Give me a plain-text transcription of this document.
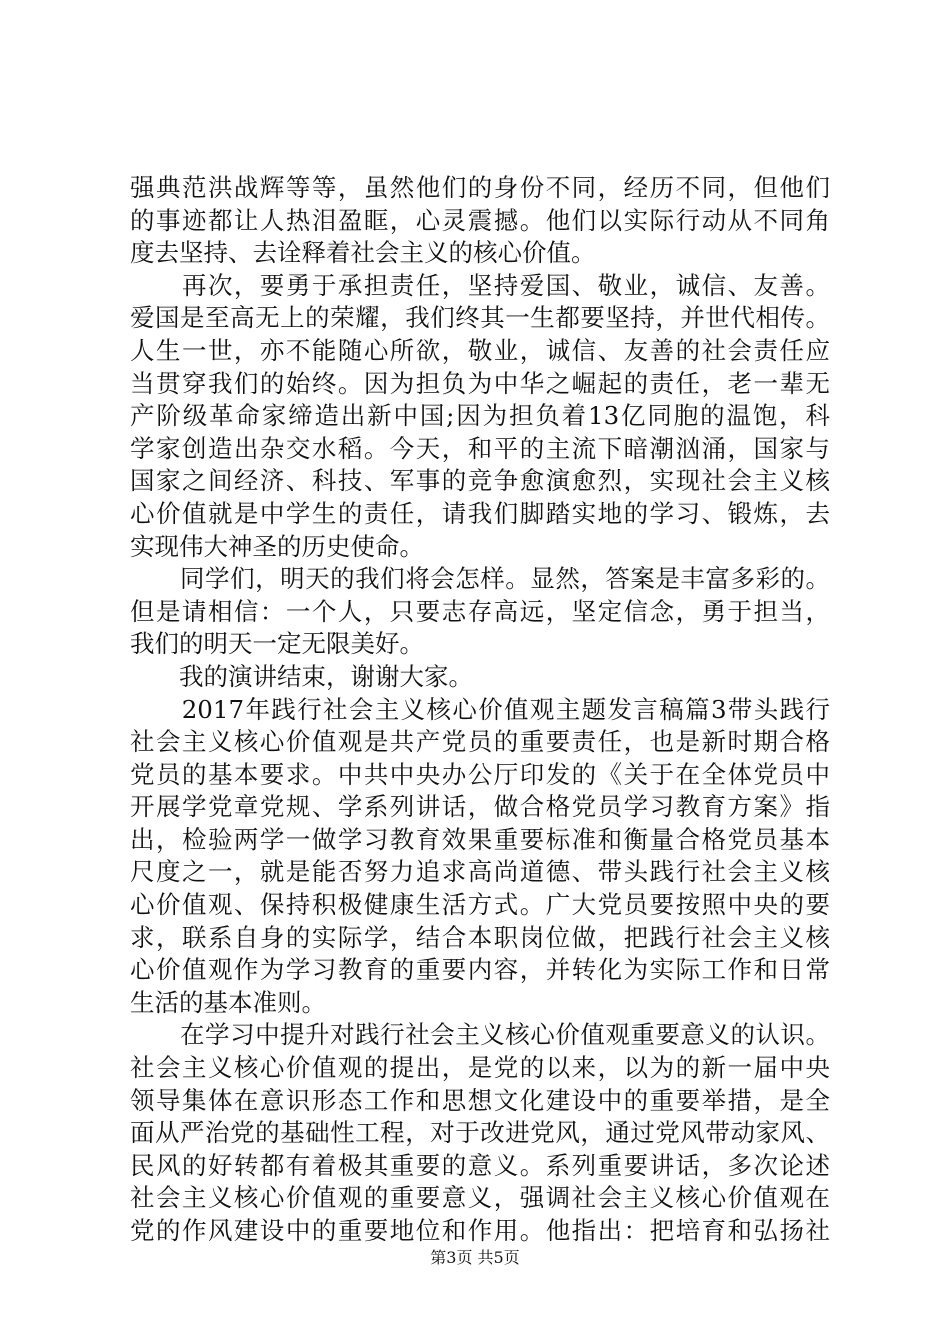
强典范洪战辉等等，虽然他们的身份不同，经历不同，但他们
的事迹都让人热泪盈眶，心灵震撼。他们以实际行动从不同角
度去坚持、去诠释着社会主义的核心价值。
　　再次，要勇于承担责任，坚持爱国、敬业，诚信、友善。
爱国是至高无上的荣耀，我们终其一生都要坚持，并世代相传。
人生一世，亦不能随心所欲，敬业，诚信、友善的社会责任应
当贯穿我们的始终。因为担负为中华之崛起的责任，老一辈无
产阶级革命家缔造出新中国;因为担负着13亿同胞的温饱，科
学家创造出杂交水稻。今天，和平的主流下暗潮汹涌，国家与
国家之间经济、科技、军事的竞争愈演愈烈，实现社会主义核
心价值就是中学生的责任，请我们脚踏实地的学习、锻炼，去
实现伟大神圣的历史使命。
　　同学们，明天的我们将会怎样。显然，答案是丰富多彩的。
但是请相信：一个人，只要志存高远，坚定信念，勇于担当，
我们的明天一定无限美好。
　　我的演讲结束，谢谢大家。
　　2017年践行社会主义核心价值观主题发言稿篇3带头践行
社会主义核心价值观是共产党员的重要责任，也是新时期合格
党员的基本要求。中共中央办公厅印发的《关于在全体党员中
开展学党章党规、学系列讲话，做合格党员学习教育方案》指
出，检验两学一做学习教育效果重要标准和衡量合格党员基本
尺度之一，就是能否努力追求高尚道德、带头践行社会主义核
心价值观、保持积极健康生活方式。广大党员要按照中央的要
求，联系自身的实际学，结合本职岗位做，把践行社会主义核
心价值观作为学习教育的重要内容，并转化为实际工作和日常
生活的基本准则。
　　在学习中提升对践行社会主义核心价值观重要意义的认识。
社会主义核心价值观的提出，是党的以来，以为的新一届中央
领导集体在意识形态工作和思想文化建设中的重要举措，是全
面从严治党的基础性工程，对于改进党风，通过党风带动家风、
民风的好转都有着极其重要的意义。系列重要讲话，多次论述
社会主义核心价值观的重要意义，强调社会主义核心价值观在
党的作风建设中的重要地位和作用。他指出：把培育和弘扬社
第3页 共5页
